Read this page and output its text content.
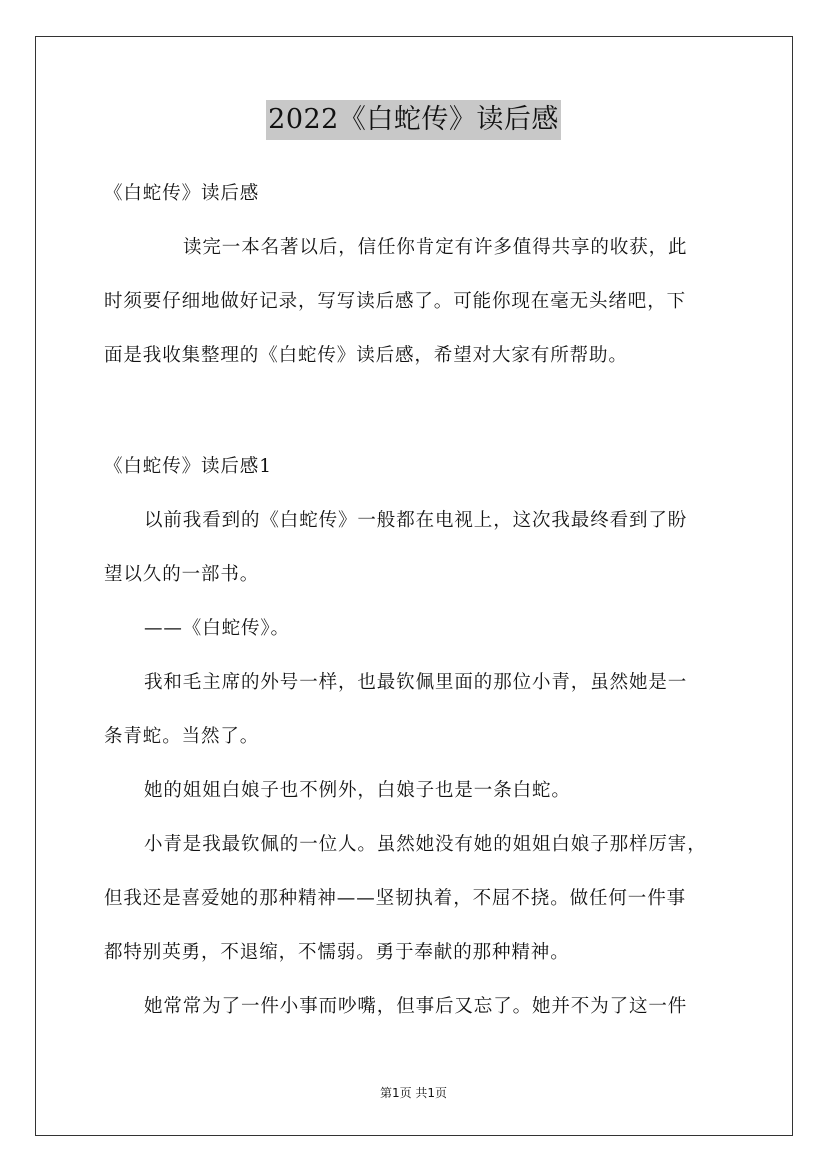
2022《白蛇传》读后感
《白蛇传》读后感
读完一本名著以后，信任你肯定有许多值得共享的收获，此
时须要仔细地做好记录，写写读后感了。可能你现在毫无头绪吧，下
面是我收集整理的《白蛇传》读后感，希望对大家有所帮助。
《白蛇传》读后感1
以前我看到的《白蛇传》一般都在电视上，这次我最终看到了盼
望以久的一部书。
——《白蛇传》。
我和毛主席的外号一样，也最钦佩里面的那位小青，虽然她是一
条青蛇。当然了。
她的姐姐白娘子也不例外，白娘子也是一条白蛇。
小青是我最钦佩的一位人。虽然她没有她的姐姐白娘子那样厉害，
但我还是喜爱她的那种精神——坚韧执着，不屈不挠。做任何一件事
都特别英勇，不退缩，不懦弱。勇于奉献的那种精神。
她常常为了一件小事而吵嘴，但事后又忘了。她并不为了这一件
第1页 共1页
